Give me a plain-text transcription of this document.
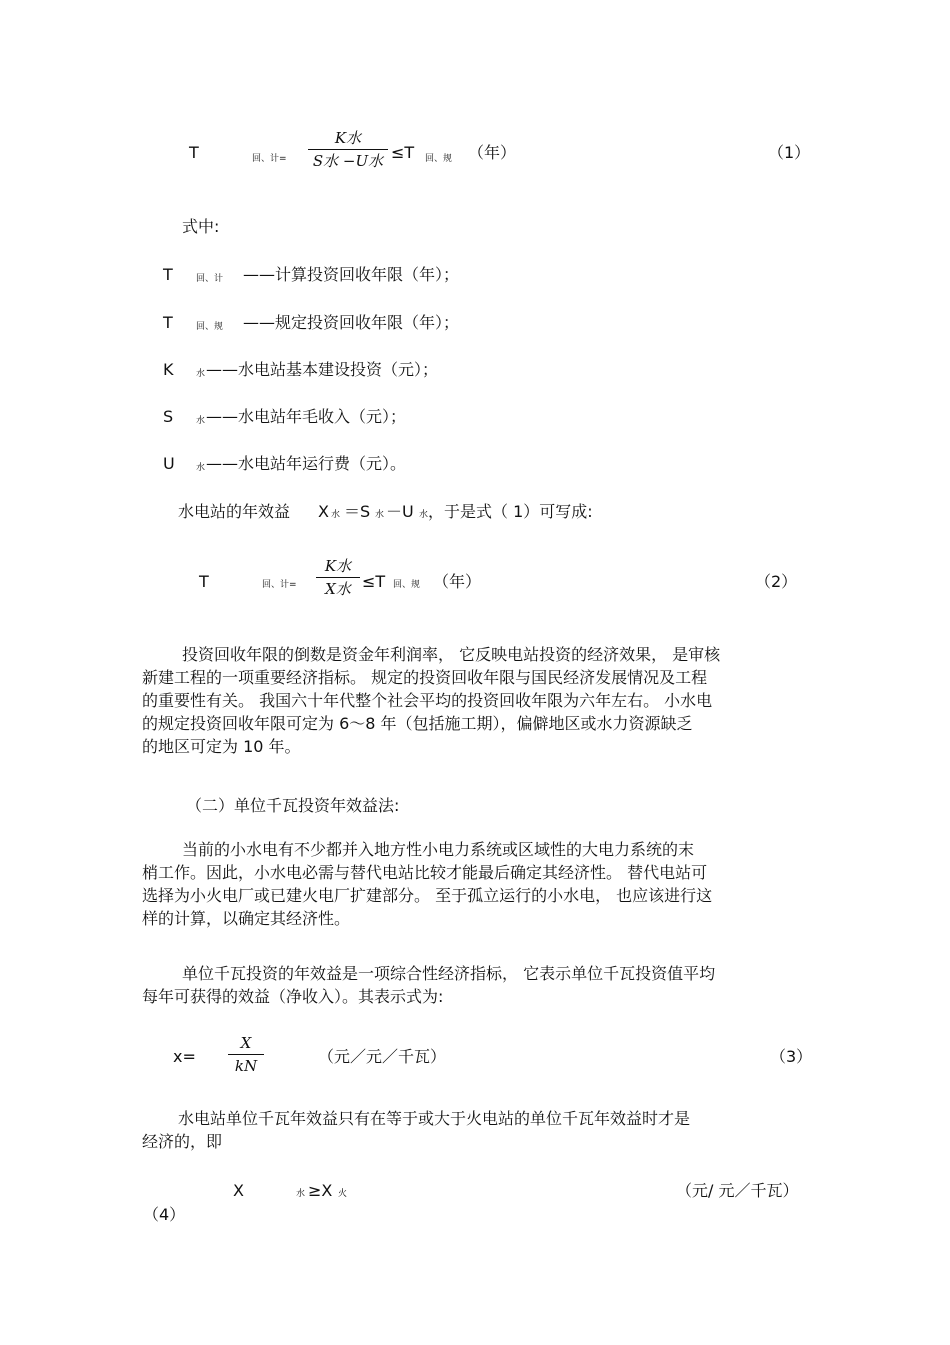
T	回、计=
K水
S水 −U水 ≤T 回、规 （年）	（1）
式中:
T	回、计 ——计算投资回收年限（年）；
T	回、规 ——规定投资回收年限（年）；
K	水 ——水电站基本建设投资（元）；
S	水 ——水电站年毛收入（元）；
U 水 ——水电站年运行费（元）。
水电站的年效益 X 水 ＝S 水 －U 水 ，于是式（ 1）可写成:
T	回、计=
K水
X水 ≤T 回、规 （年）	（2）
投资回收年限的倒数是资金年利润率， 它反映电站投资的经济效果， 是审核
新建工程的一项重要经济指标。 规定的投资回收年限与国民经济发展情况及工程
的重要性有关。 我国六十年代整个社会平均的投资回收年限为六年左右。 小水电
的规定投资回收年限可定为 6～8 年（包括施工期），偏僻地区或水力资源缺乏
的地区可定为 10 年。
（二）单位千瓦投资年效益法:
当前的小水电有不少都并入地方性小电力系统或区域性的大电力系统的末
梢工作。因此，小水电必需与替代电站比较才能最后确定其经济性。 替代电站可
选择为小火电厂或已建火电厂扩建部分。 至于孤立运行的小水电， 也应该进行这
样的计算，以确定其经济性。
单位千瓦投资的年效益是一项综合性经济指标， 它表示单位千瓦投资值平均
每年可获得的效益（净收入）。其表示式为:
x=
X
kN	（元／元／千瓦）	（3）
水电站单位千瓦年效益只有在等于或大于火电站的单位千瓦年效益时才是
经济的，即
X	水 ≥X 火	（元/ 元／千瓦）
（4）
